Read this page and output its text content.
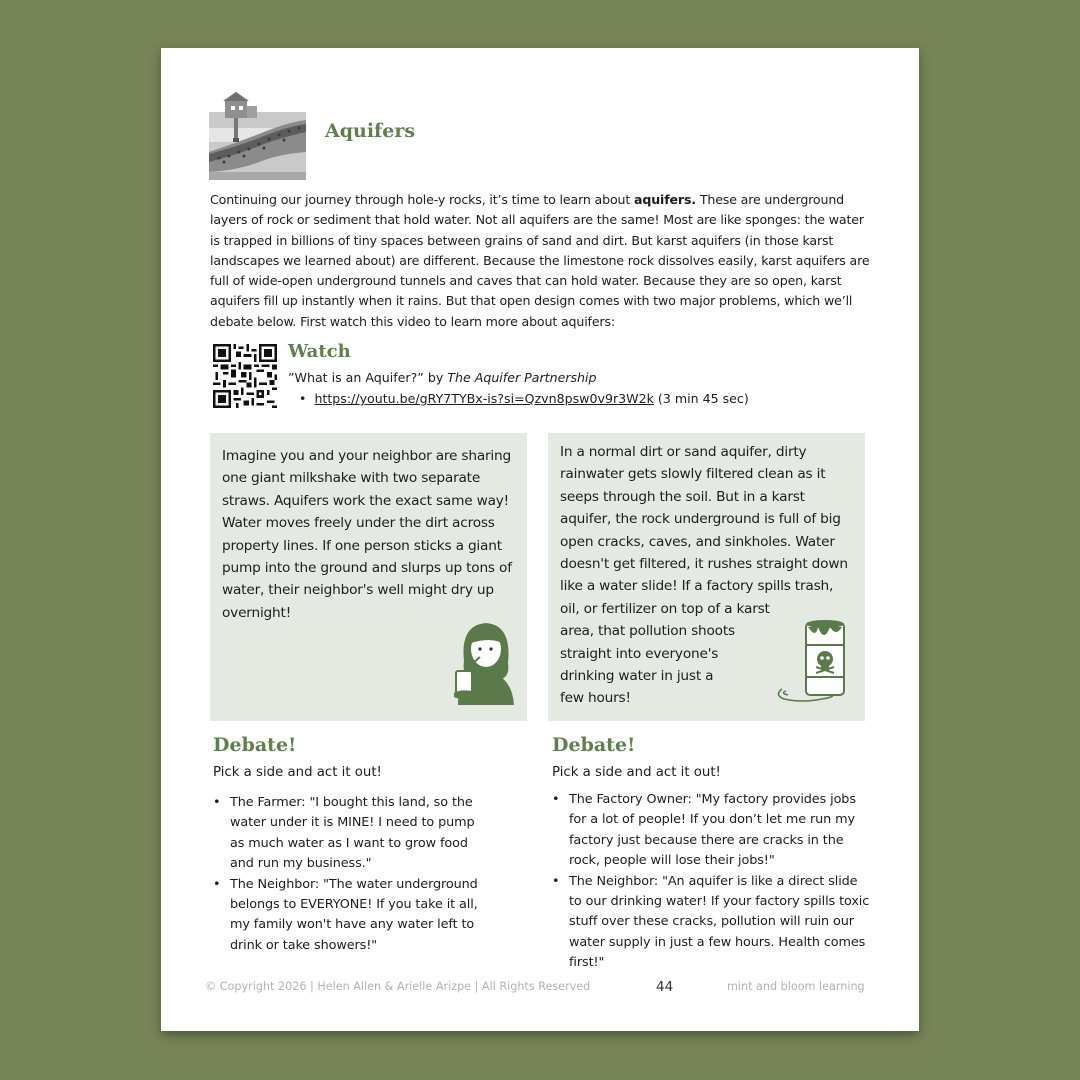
Aquifers
Continuing our journey through hole-y rocks, it’s time to learn about aquifers. These are underground layers of rock or sediment that hold water. Not all aquifers are the same! Most are like sponges: the water is trapped in billions of tiny spaces between grains of sand and dirt. But karst aquifers (in those karst landscapes we learned about) are different. Because the limestone rock dissolves easily, karst aquifers are full of wide-open underground tunnels and caves that can hold water. Because they are so open, karst aquifers fill up instantly when it rains. But that open design comes with two major problems, which we’ll debate below. First watch this video to learn more about aquifers:
Watch
”What is an Aquifer?” by The Aquifer Partnership
• https://youtu.be/gRY7TYBx-is?si=Qzvn8psw0v9r3W2k (3 min 45 sec)
Imagine you and your neighbor are sharing one giant milkshake with two separate straws. Aquifers work the exact same way! Water moves freely under the dirt across property lines. If one person sticks a giant pump into the ground and slurps up tons of water, their neighbor's well might dry up overnight!
In a normal dirt or sand aquifer, dirty rainwater gets slowly filtered clean as it seeps through the soil. But in a karst aquifer, the rock underground is full of big open cracks, caves, and sinkholes. Water doesn't get filtered, it rushes straight down like a water slide! If a factory spills trash,
oil, or fertilizer on top of a karst
area, that pollution shoots
straight into everyone's
drinking water in just a
few hours!
Debate!
Pick a side and act it out!
• The Farmer: "I bought this land, so the water under it is MINE! I need to pump as much water as I want to grow food and run my business."
• The Neighbor: "The water underground belongs to EVERYONE! If you take it all, my family won't have any water left to drink or take showers!"
Debate!
Pick a side and act it out!
• The Factory Owner: "My factory provides jobs for a lot of people! If you don’t let me run my factory just because there are cracks in the rock, people will lose their jobs!"
• The Neighbor: "An aquifer is like a direct slide to our drinking water! If your factory spills toxic stuff over these cracks, pollution will ruin our water supply in just a few hours. Health comes first!"
© Copyright 2026 | Helen Allen & Arielle Arizpe | All Rights Reserved	44	mint and bloom learning
